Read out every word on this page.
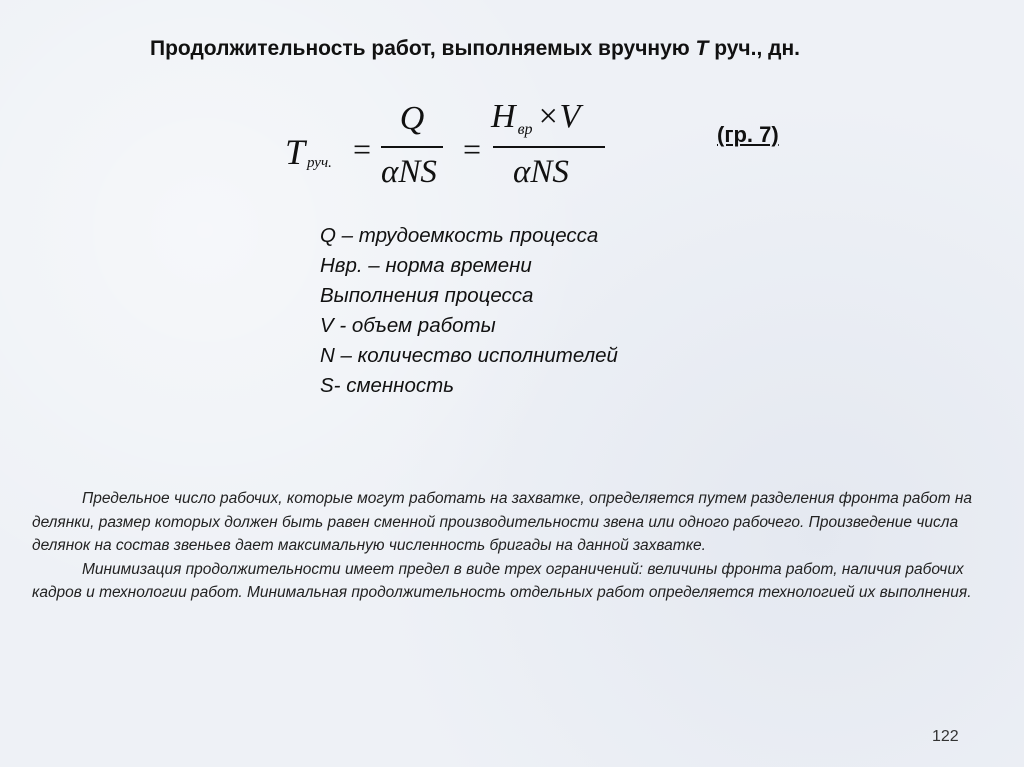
Продолжительность работ, выполняемых вручную Т руч., дн.
T руч. =
Q
αNS
=
H $_{вр}$ ×V
αNS
(гр. 7)
Q – трудоемкость процесса
Нвр. – норма времени
Выполнения процесса
V - объем работы
N – количество исполнителей
S- сменность

Предельное число рабочих, которые могут работать на захватке, определяется путем разделения фронта работ на делянки, размер которых должен быть равен сменной производительности звена или одного рабочего. Произведение числа делянок на состав звеньев дает максимальную численность бригады на данной захватке.

Минимизация продолжительности имеет предел в виде трех ограничений: величины фронта работ, наличия рабочих кадров и технологии работ. Минимальная продолжительность отдельных работ определяется технологией их выполнения.

122
